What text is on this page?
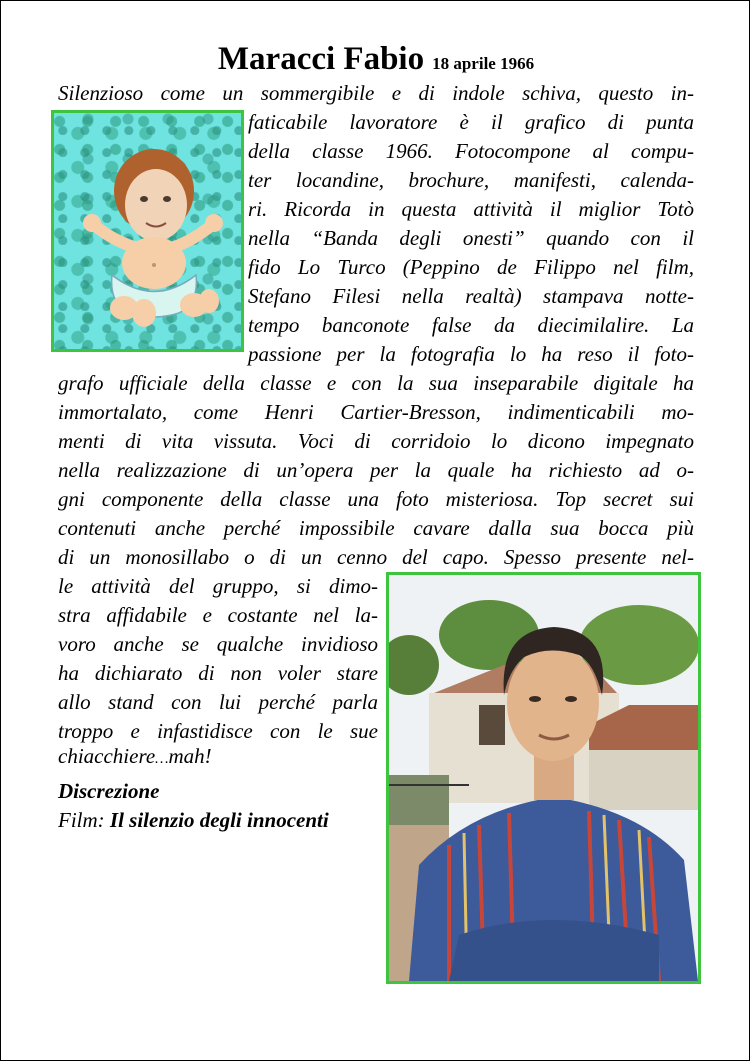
Maracci Fabio 18 aprile 1966
Silenzioso come un sommergibile e di indole schiva, questo in-
faticabile lavoratore è il grafico di punta
della classe 1966. Fotocompone al compu-
ter locandine, brochure, manifesti, calenda-
ri. Ricorda in questa attività il miglior Totò
nella “Banda degli onesti” quando con il
fido Lo Turco (Peppino de Filippo nel film,
Stefano Filesi nella realtà) stampava notte-
tempo banconote false da diecimilalire. La
passione per la fotografia lo ha reso il foto-
grafo ufficiale della classe e con la sua inseparabile digitale ha
immortalato, come Henri Cartier-Bresson, indimenticabili mo-
menti di vita vissuta. Voci di corridoio lo dicono impegnato
nella realizzazione di un’opera per la quale ha richiesto ad o-
gni componente della classe una foto misteriosa. Top secret sui
contenuti anche perché impossibile cavare dalla sua bocca più
di un monosillabo o di un cenno del capo. Spesso presente nel-
le attività del gruppo, si dimo-
stra affidabile e costante nel la-
voro anche se qualche invidioso
ha dichiarato di non voler stare
allo stand con lui perché parla
troppo e infastidisce con le sue
chiacchiere…mah!
Discrezione
Film: Il silenzio degli innocenti
